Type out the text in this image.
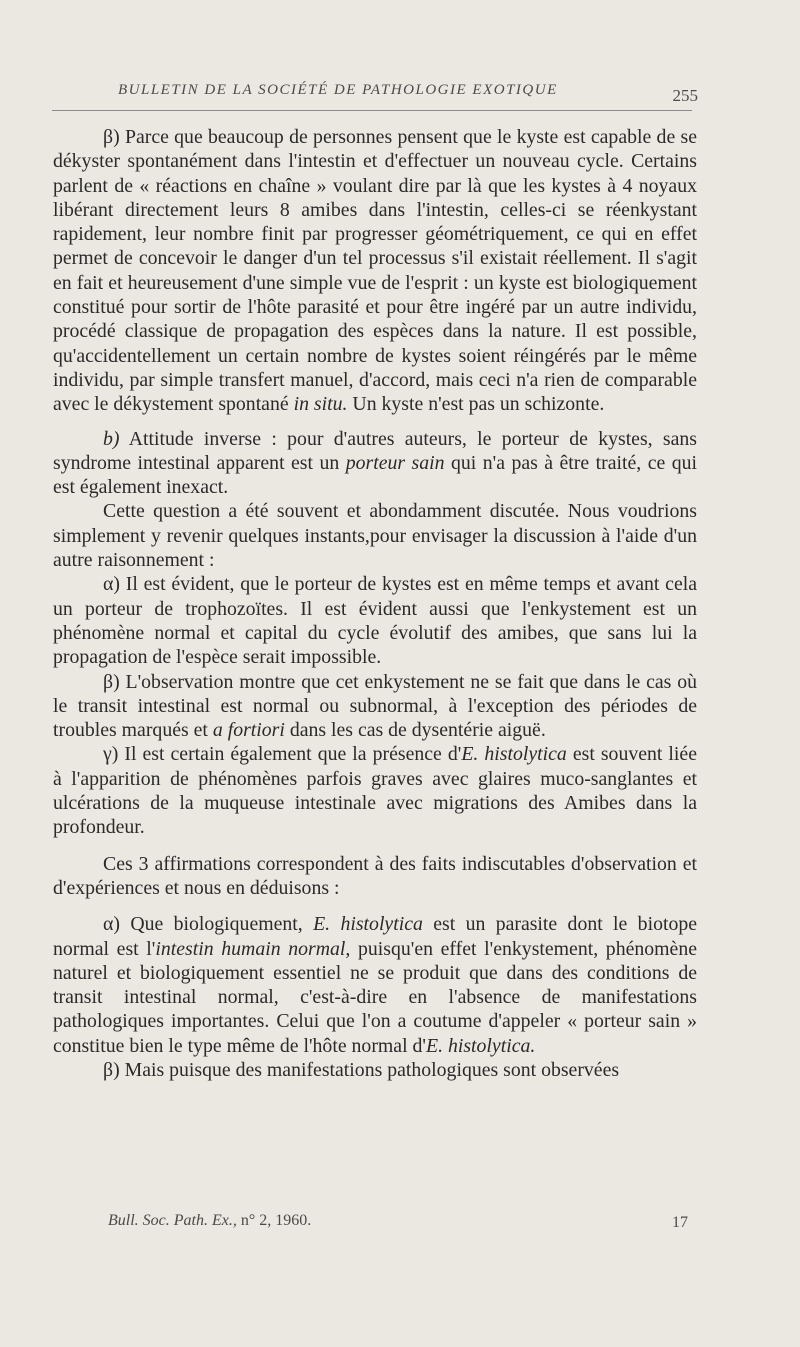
BULLETIN DE LA SOCIÉTÉ DE PATHOLOGIE EXOTIQUE	255

β) Parce que beaucoup de personnes pensent que le kyste est capable de se dékyster spontanément dans l'intestin et d'effectuer un nouveau cycle. Certains parlent de « réactions en chaîne » voulant dire par là que les kystes à 4 noyaux libérant directement leurs 8 amibes dans l'intestin, celles-ci se réenkystant rapidement, leur nombre finit par progresser géométriquement, ce qui en effet permet de concevoir le danger d'un tel processus s'il existait réellement. Il s'agit en fait et heureusement d'une simple vue de l'esprit : un kyste est biologiquement constitué pour sortir de l'hôte parasité et pour être ingéré par un autre individu, procédé classique de propagation des espèces dans la nature. Il est possible, qu'accidentellement un certain nombre de kystes soient réingérés par le même individu, par simple transfert manuel, d'accord, mais ceci n'a rien de comparable avec le dékystement spontané in situ. Un kyste n'est pas un schizonte.

b) Attitude inverse : pour d'autres auteurs, le porteur de kystes, sans syndrome intestinal apparent est un porteur sain qui n'a pas à être traité, ce qui est également inexact.

Cette question a été souvent et abondamment discutée. Nous voudrions simplement y revenir quelques instants,pour envisager la discussion à l'aide d'un autre raisonnement :

α) Il est évident, que le porteur de kystes est en même temps et avant cela un porteur de trophozoïtes. Il est évident aussi que l'enkystement est un phénomène normal et capital du cycle évolutif des amibes, que sans lui la propagation de l'espèce serait impossible.

β) L'observation montre que cet enkystement ne se fait que dans le cas où le transit intestinal est normal ou subnormal, à l'exception des périodes de troubles marqués et a fortiori dans les cas de dysentérie aiguë.

γ) Il est certain également que la présence d'E. histolytica est souvent liée à l'apparition de phénomènes parfois graves avec glaires muco-sanglantes et ulcérations de la muqueuse intestinale avec migrations des Amibes dans la profondeur.

Ces 3 affirmations correspondent à des faits indiscutables d'observation et d'expériences et nous en déduisons :

α) Que biologiquement, E. histolytica est un parasite dont le biotope normal est l'intestin humain normal, puisqu'en effet l'enkystement, phénomène naturel et biologiquement essentiel ne se produit que dans des conditions de transit intestinal normal, c'est-à-dire en l'absence de manifestations pathologiques importantes. Celui que l'on a coutume d'appeler « porteur sain » constitue bien le type même de l'hôte normal d'E. histolytica.

β) Mais puisque des manifestations pathologiques sont observées

Bull. Soc. Path. Ex., n° 2, 1960.	17
